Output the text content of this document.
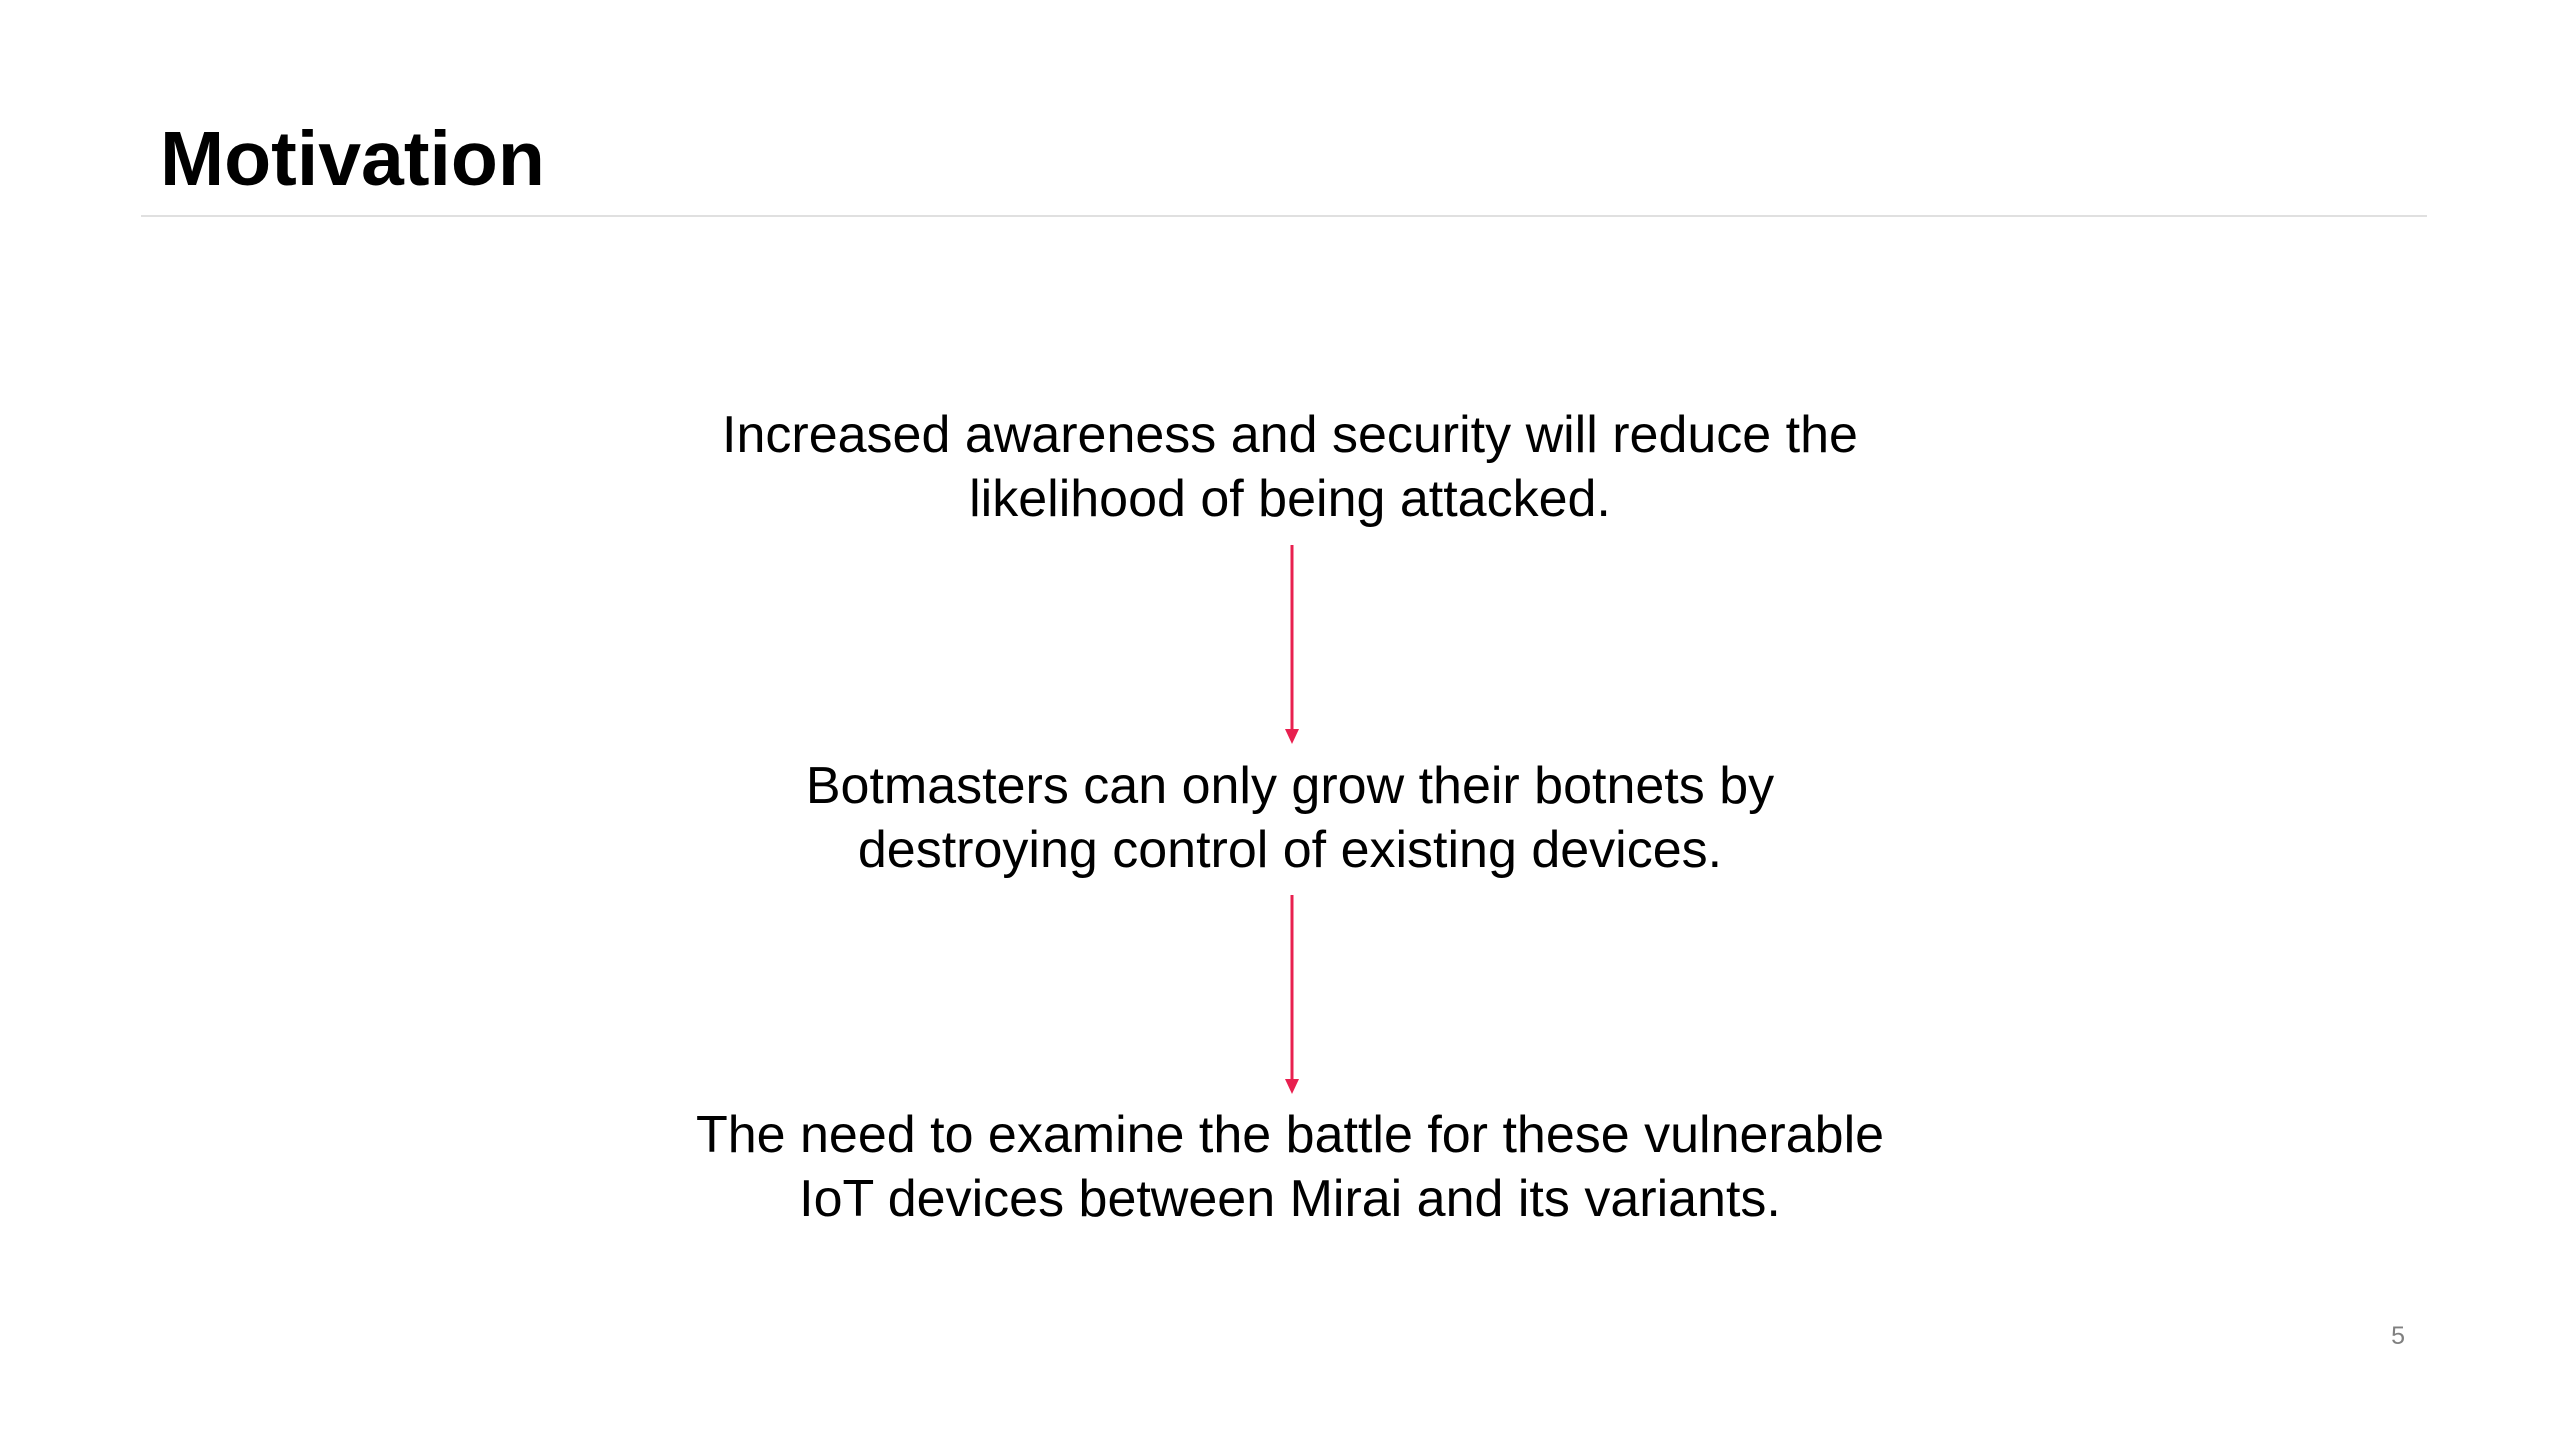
Motivation

Increased awareness and security will reduce the
likelihood of being attacked.

Botmasters can only grow their botnets by
destroying control of existing devices.

The need to examine the battle for these vulnerable
IoT devices between Mirai and its variants.

5
